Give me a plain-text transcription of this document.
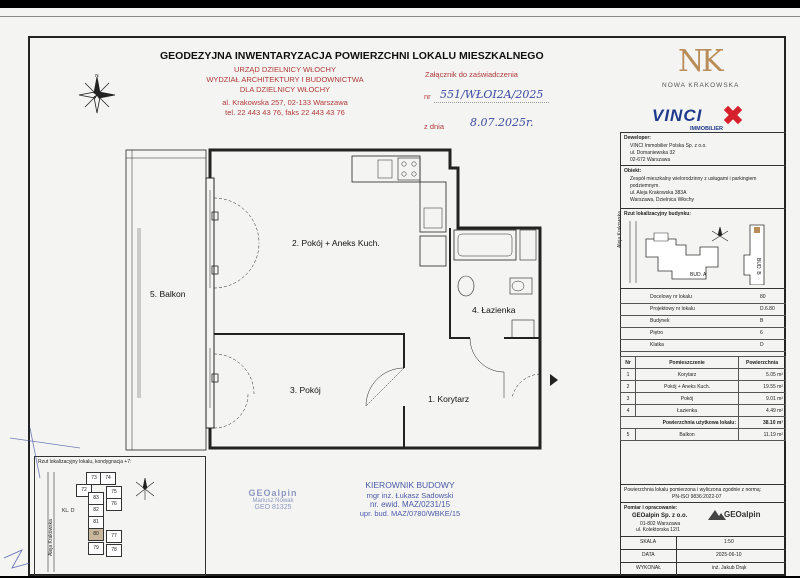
GEODEZYJNA INWENTARYZACJA POWIERZCHNI LOKALU MIESZKALNEGO
URZĄD DZIELNICY WŁOCHY
WYDZIAŁ ARCHITEKTURY I BUDOWNICTWA
DLA DZIELNICY WŁOCHY
al. Krakowska 257, 02-133 Warszawa
tel. 22 443 43 76, faks 22 443 43 76
Załącznik do zaświadczenia
nr 551/WŁOI2A/2025
z dnia 8.07.2025r.
N	NK
NOWA KRAKOWSKA
VINCI
IMMOBILIER
Deweloper:
VINCI Immobilier Polska Sp. z o.o.
ul. Domaniewska 32
02-672 Warszawa
Obiekt:
Zespół mieszkalny wielorodzinny z usługami i parkingiem
podziemnym.
ul. Aleja Krakowska 383A
Warszawa, Dzielnica Włochy
Rzut lokalizacyjny budynku:
Aleja Krakowska
BUD. A
BUD. B
Docelowy nr lokalu	80
Projektowy nr lokalu	D.6.80
Budynek	B
Piętro	6
Klatka	D
Nr	Pomieszczenie	Powierzchnia
1	Korytarz	5.05 m²
2	Pokój + Aneks Kuch.	19.55 m²
3	Pokój	9.01 m²
4	Łazienka	4.49 m²
Powierzchnia użytkowa lokalu:		38.10 m²
5	Balkon	11.19 m²
Powierzchnia lokalu pomierzona i wyliczona zgodnie z normą:
PN-ISO 9836:2022-07
Pomiar i opracowanie:
GEOalpin Sp. z o.o.
01-802 Warszawa
ul. Kolektorska 12/1
GEOalpin
SKALA	1:50
DATA	2025-06-10
WYKONAŁ	inż. Jakub Drąk
2. Pokój + Aneks Kuch.
5. Balkon
4. Łazienka
3. Pokój
1. Korytarz
Rzut lokalizacyjny lokalu, kondygnacja +7:
73	74
72	75
83
76
82
81
77
80
78
79
KL. D
Aleja Krakowska
GEOalpin
Mariusz Nowak
GEO 81325
KIEROWNIK BUDOWY
mgr inż. Łukasz Sadowski
nr. ewid. MAZ/0231/15
upr. bud. MAZ/0780/WBKE/15
